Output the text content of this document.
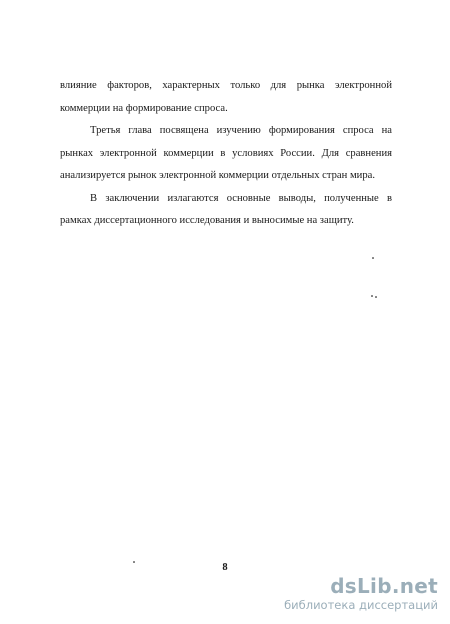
влияние факторов, характерных только для рынка электронной коммерции на формирование спроса.

Третья глава посвящена изучению формирования спроса на рынках электронной коммерции в условиях России. Для сравнения анализируется рынок электронной коммерции отдельных стран мира.

В заключении излагаются основные выводы, полученные в рамках диссертационного исследования и выносимые на защиту.

8
dsLib.net
библиотека диссертаций
